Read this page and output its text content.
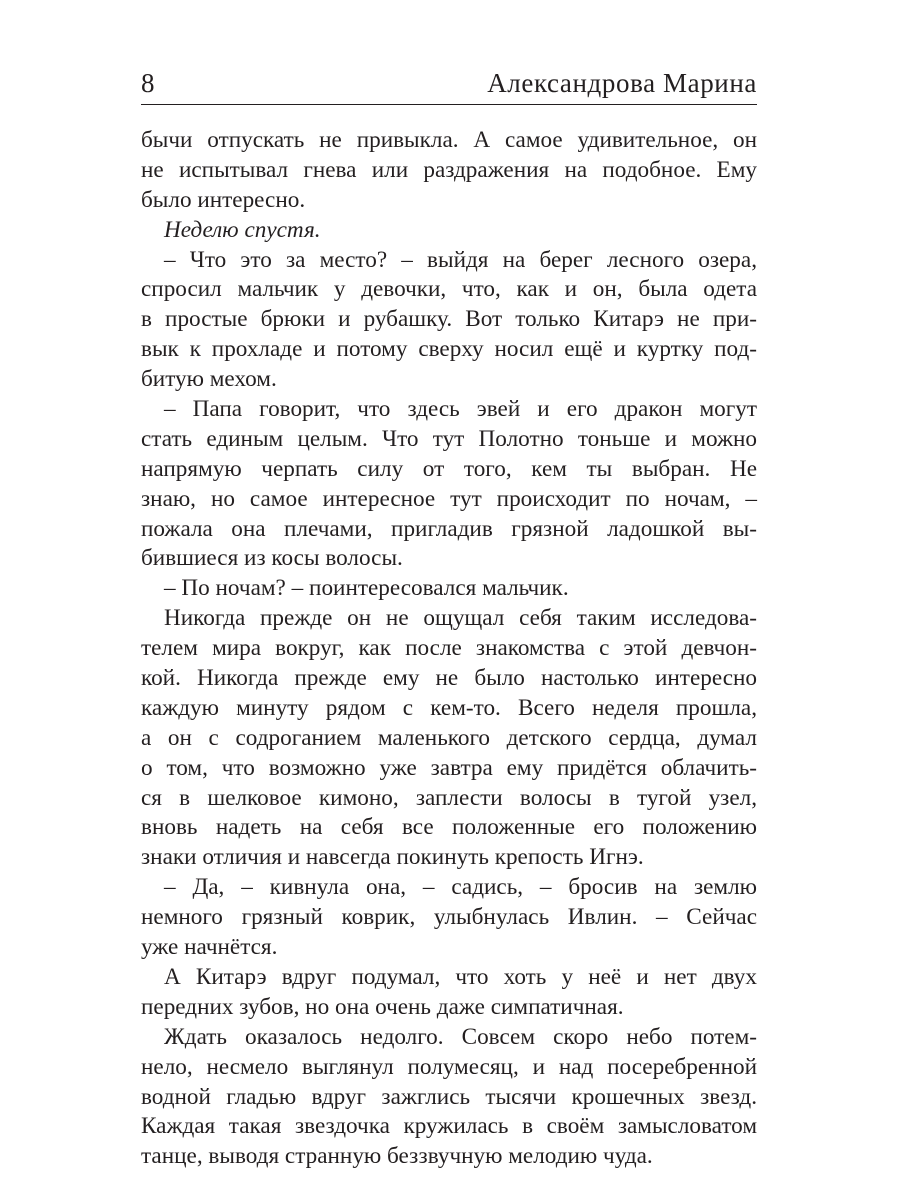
8	Александрова Марина
бычи отпускать не привыкла. А самое удивительное, он
не испытывал гнева или раздражения на подобное. Ему
было интересно.
Неделю спустя.
– Что это за место? – выйдя на берег лесного озера,
спросил мальчик у девочки, что, как и он, была одета
в простые брюки и рубашку. Вот только Китарэ не при-
вык к прохладе и потому сверху носил ещё и куртку под-
битую мехом.
– Папа говорит, что здесь эвей и его дракон могут
стать единым целым. Что тут Полотно тоньше и можно
напрямую черпать силу от того, кем ты выбран. Не
знаю, но самое интересное тут происходит по ночам, –
пожала она плечами, пригладив грязной ладошкой вы-
бившиеся из косы волосы.
– По ночам? – поинтересовался мальчик.
Никогда прежде он не ощущал себя таким исследова-
телем мира вокруг, как после знакомства с этой девчон-
кой. Никогда прежде ему не было настолько интересно
каждую минуту рядом с кем-то. Всего неделя прошла,
а он с содроганием маленького детского сердца, думал
о том, что возможно уже завтра ему придётся облачить-
ся в шелковое кимоно, заплести волосы в тугой узел,
вновь надеть на себя все положенные его положению
знаки отличия и навсегда покинуть крепость Игнэ.
– Да, – кивнула она, – садись, – бросив на землю
немного грязный коврик, улыбнулась Ивлин. – Сейчас
уже начнётся.
А Китарэ вдруг подумал, что хоть у неё и нет двух
передних зубов, но она очень даже симпатичная.
Ждать оказалось недолго. Совсем скоро небо потем-
нело, несмело выглянул полумесяц, и над посеребренной
водной гладью вдруг зажглись тысячи крошечных звезд.
Каждая такая звездочка кружилась в своём замысловатом
танце, выводя странную беззвучную мелодию чуда.
